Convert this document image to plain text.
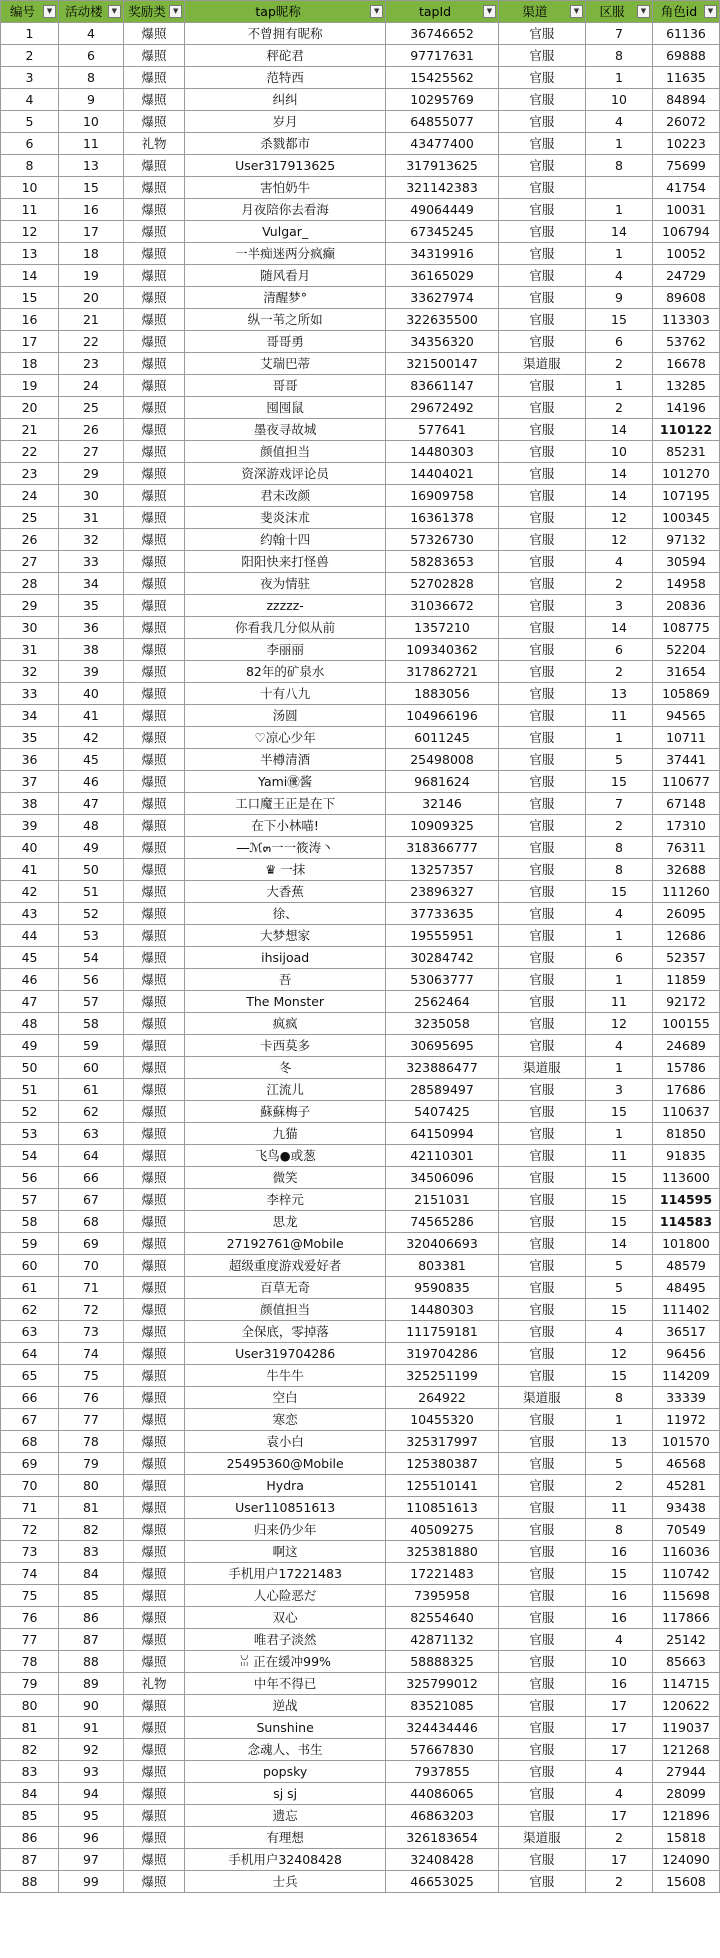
编号 ▼	活动楼 ▼	奖励类 ▼	tap昵称 ▼	tapId ▼	渠道 ▼	区服 ▼	角色id ▼

1	4	爆照	不曾拥有昵称	36746652	官服	7	61136
2	6	爆照	秤砣君	97717631	官服	8	69888
3	8	爆照	范特西	15425562	官服	1	11635
4	9	爆照	纠纠	10295769	官服	10	84894
5	10	爆照	岁月	64855077	官服	4	26072
6	11	礼物	杀戮都市	43477400	官服	1	10223
8	13	爆照	User317913625	317913625	官服	8	75699
10	15	爆照	害怕奶牛	321142383	官服		41754
11	16	爆照	月夜陪你去看海	49064449	官服	1	10031
12	17	爆照	Vulgar_	67345245	官服	14	106794
13	18	爆照	一半痴迷两分疯癫	34319916	官服	1	10052
14	19	爆照	随风看月	36165029	官服	4	24729
15	20	爆照	清醒梦°	33627974	官服	9	89608
16	21	爆照	纵一苇之所如	322635500	官服	15	113303
17	22	爆照	哥哥勇	34356320	官服	6	53762
18	23	爆照	艾瑞巴蒂	321500147	渠道服	2	16678
19	24	爆照	哥哥	83661147	官服	1	13285
20	25	爆照	囤囤鼠	29672492	官服	2	14196
21	26	爆照	墨夜寻故城	577641	官服	14	110122
22	27	爆照	颜值担当	14480303	官服	10	85231
23	29	爆照	资深游戏评论员	14404021	官服	14	101270
24	30	爆照	君未改颜	16909758	官服	14	107195
25	31	爆照	斐炎沫朮	16361378	官服	12	100345
26	32	爆照	约翰十四	57326730	官服	12	97132
27	33	爆照	阳阳快来打怪兽	58283653	官服	4	30594
28	34	爆照	夜为情驻	52702828	官服	2	14958
29	35	爆照	zzzzz-	31036672	官服	3	20836
30	36	爆照	你看我几分似从前	1357210	官服	14	108775
31	38	爆照	李丽丽	109340362	官服	6	52204
32	39	爆照	82年的矿泉水	317862721	官服	2	31654
33	40	爆照	十有八九	1883056	官服	13	105869
34	41	爆照	汤圆	104966196	官服	11	94565
35	42	爆照	♡凉心少年	6011245	官服	1	10711
36	45	爆照	半樽清酒	25498008	官服	5	37441
37	46	爆照	Yami㊝酱	9681624	官服	15	110677
38	47	爆照	工口魔王正是在下	32146	官服	7	67148
39	48	爆照	在下小林喵!	10909325	官服	2	17310
40	49	爆照	⎯⎯ℳ๓一一筱涛丶	318366777	官服	8	76311
41	50	爆照	♛ 一抹	13257357	官服	8	32688
42	51	爆照	大香蕉	23896327	官服	15	111260
43	52	爆照	徐、	37733635	官服	4	26095
44	53	爆照	大梦想家	19555951	官服	1	12686
45	54	爆照	ihsijoad	30284742	官服	6	52357
46	56	爆照	吾	53063777	官服	1	11859
47	57	爆照	The Monster	2562464	官服	11	92172
48	58	爆照	疯疯	3235058	官服	12	100155
49	59	爆照	卡西莫多	30695695	官服	4	24689
50	60	爆照	冬	323886477	渠道服	1	15786
51	61	爆照	江流儿	28589497	官服	3	17686
52	62	爆照	蘇蘇梅子	5407425	官服	15	110637
53	63	爆照	九猫	64150994	官服	1	81850
54	64	爆照	飞鸟●或葱	42110301	官服	11	91835
56	66	爆照	微笑	34506096	官服	15	113600
57	67	爆照	李梓元	2151031	官服	15	114595
58	68	爆照	思龙	74565286	官服	15	114583
59	69	爆照	27192761@Mobile	320406693	官服	14	101800
60	70	爆照	超级重度游戏爱好者	803381	官服	5	48579
61	71	爆照	百草无奇	9590835	官服	5	48495
62	72	爆照	颜值担当	14480303	官服	15	111402
63	73	爆照	全保底，零掉落	111759181	官服	4	36517
64	74	爆照	User319704286	319704286	官服	12	96456
65	75	爆照	牛牛牛	325251199	官服	15	114209
66	76	爆照	空白	264922	渠道服	8	33339
67	77	爆照	寒恋	10455320	官服	1	11972
68	78	爆照	袁小白	325317997	官服	13	101570
69	79	爆照	25495360@Mobile	125380387	官服	5	46568
70	80	爆照	Hydra	125510141	官服	2	45281
71	81	爆照	User110851613	110851613	官服	11	93438
72	82	爆照	归来仍少年	40509275	官服	8	70549
73	83	爆照	啊这	325381880	官服	16	116036
74	84	爆照	手机用户17221483	17221483	官服	15	110742
75	85	爆照	人心险恶だ	7395958	官服	16	115698
76	86	爆照	双心	82554640	官服	16	117866
77	87	爆照	唯君子淡然	42871132	官服	4	25142
78	88	爆照	ꈍ 正在缓冲99%	58888325	官服	10	85663
79	89	礼物	中年不得已	325799012	官服	16	114715
80	90	爆照	逆战	83521085	官服	17	120622
81	91	爆照	Sunshine	324434446	官服	17	119037
82	92	爆照	念魂人、书生	57667830	官服	17	121268
83	93	爆照	popsky	7937855	官服	4	27944
84	94	爆照	sj sj	44086065	官服	4	28099
85	95	爆照	遗忘	46863203	官服	17	121896
86	96	爆照	有理想	326183654	渠道服	2	15818
87	97	爆照	手机用户32408428	32408428	官服	17	124090
88	99	爆照	士兵	46653025	官服	2	15608
